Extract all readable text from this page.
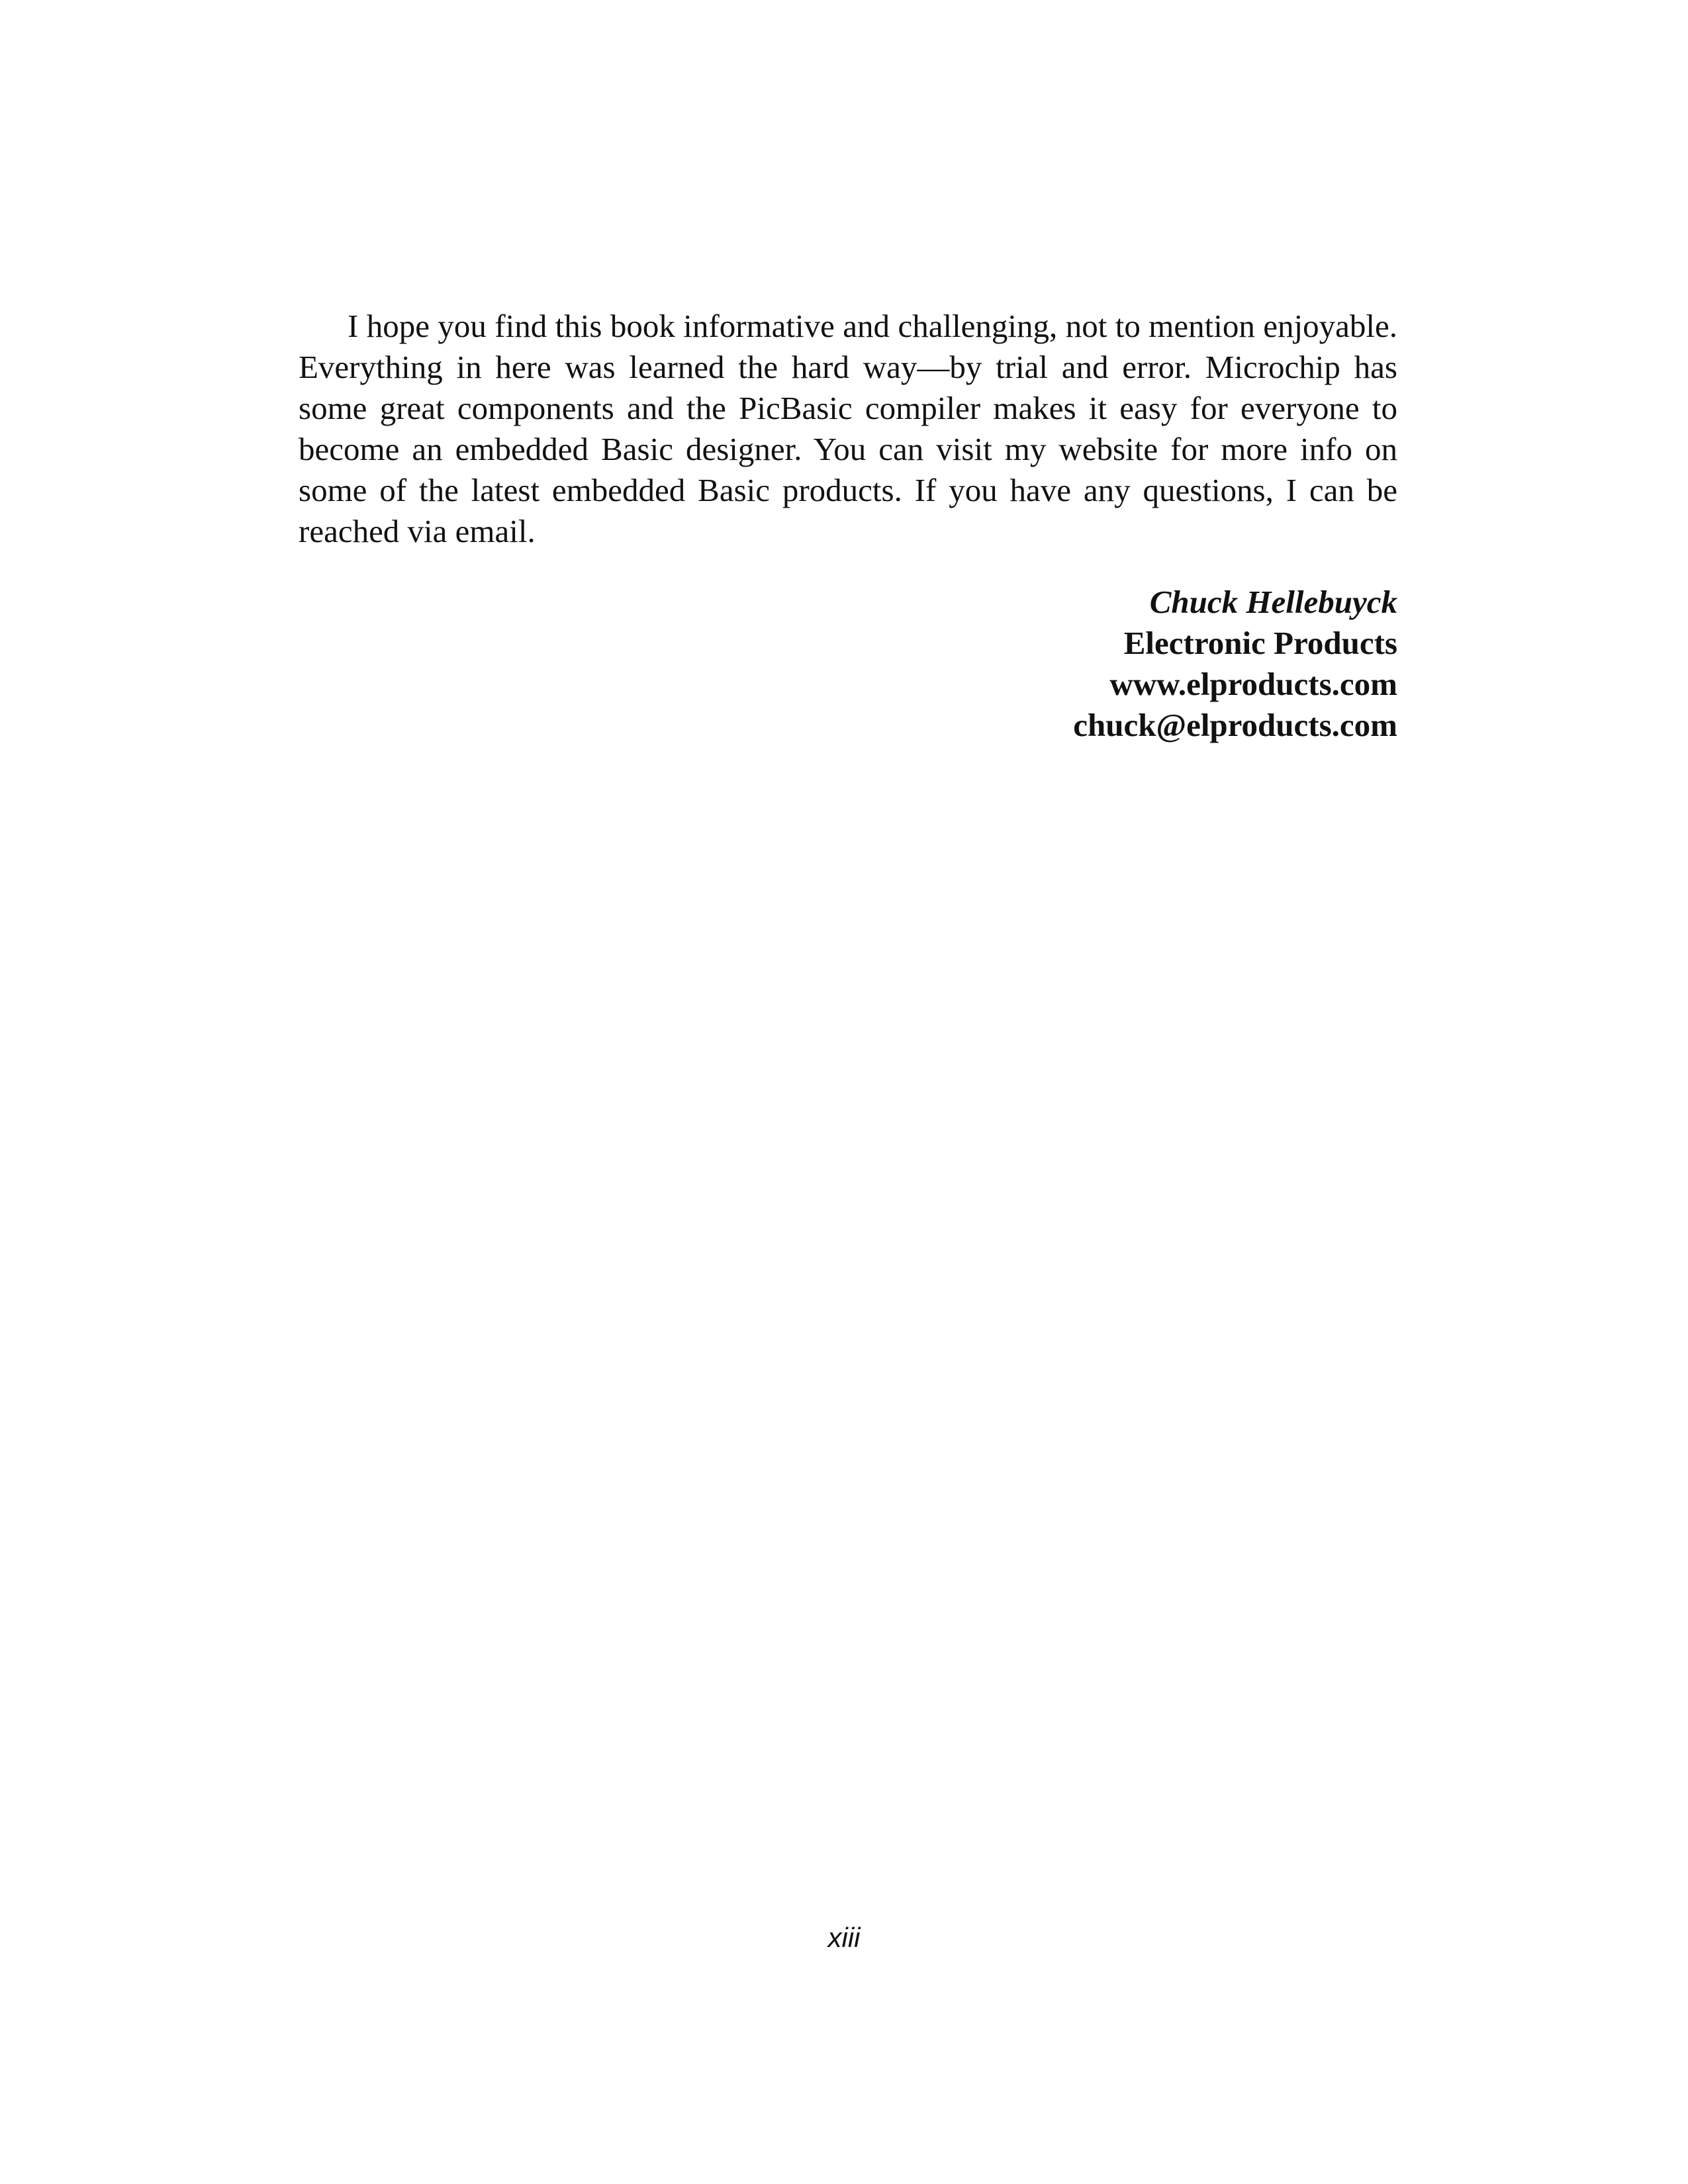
I hope you find this book informative and challenging, not to mention enjoyable. Everything in here was learned the hard way—by trial and error. Microchip has some great components and the PicBasic compiler makes it easy for everyone to become an embedded Basic designer. You can visit my website for more info on some of the latest embedded Basic products. If you have any questions, I can be reached via email.

Chuck Hellebuyck
Electronic Products
www.elproducts.com
chuck@elproducts.com
xiii
